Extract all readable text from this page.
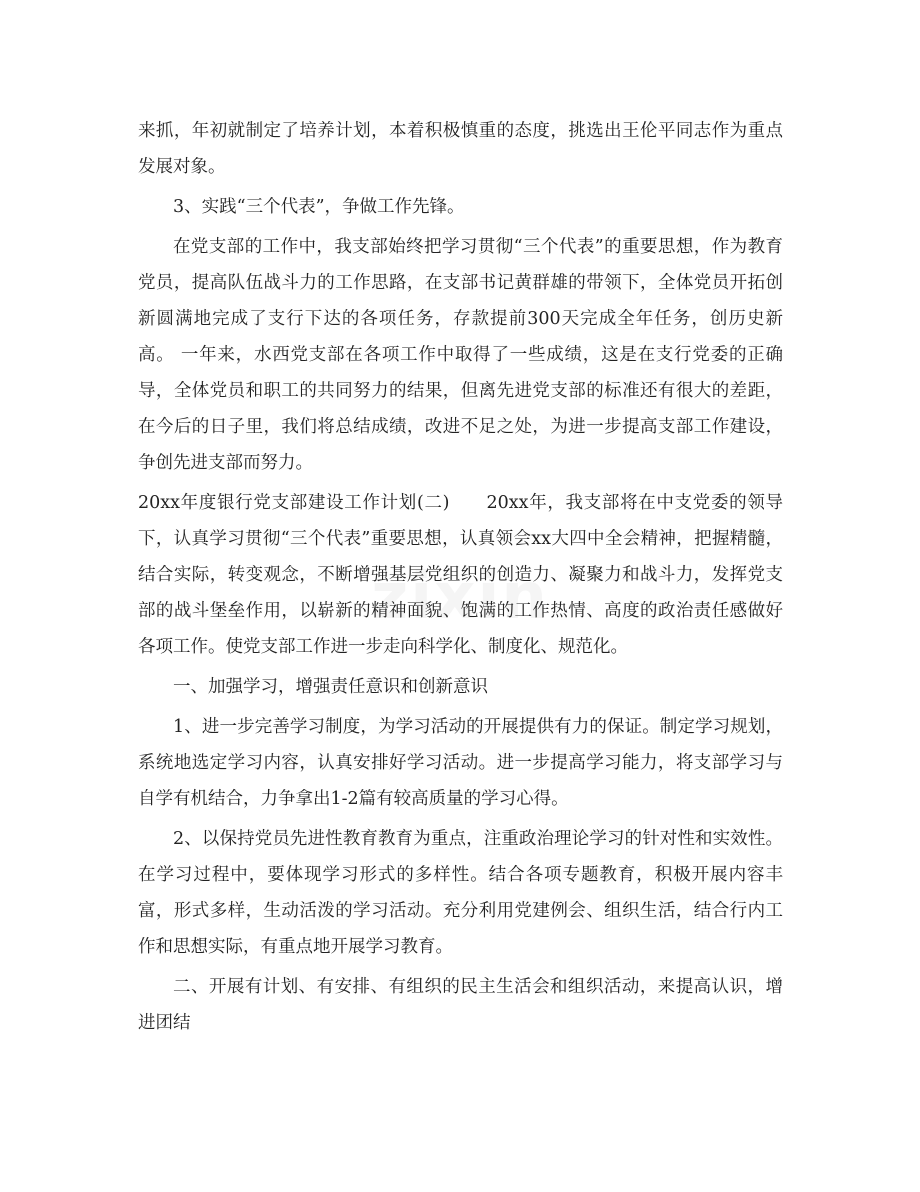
zixin

来抓，年初就制定了培养计划，本着积极慎重的态度，挑选出王伦平同志作为重点发展对象。

3、实践“三个代表”，争做工作先锋。

在党支部的工作中，我支部始终把学习贯彻“三个代表”的重要思想，作为教育党员，提高队伍战斗力的工作思路，在支部书记黄群雄的带领下，全体党员开拓创新圆满地完成了支行下达的各项任务，存款提前300天完成全年任务，创历史新高。 一年来，水西党支部在各项工作中取得了一些成绩，这是在支行党委的正确导，全体党员和职工的共同努力的结果，但离先进党支部的标准还有很大的差距，在今后的日子里，我们将总结成绩，改进不足之处，为进一步提高支部工作建设，争创先进支部而努力。

20xx年度银行党支部建设工作计划(二)　　20xx年，我支部将在中支党委的领导下，认真学习贯彻“三个代表”重要思想，认真领会xx大四中全会精神，把握精髓，结合实际，转变观念，不断增强基层党组织的创造力、凝聚力和战斗力，发挥党支部的战斗堡垒作用，以崭新的精神面貌、饱满的工作热情、高度的政治责任感做好各项工作。使党支部工作进一步走向科学化、制度化、规范化。

一、加强学习，增强责任意识和创新意识

1、进一步完善学习制度，为学习活动的开展提供有力的保证。制定学习规划，系统地选定学习内容，认真安排好学习活动。进一步提高学习能力，将支部学习与自学有机结合，力争拿出1-2篇有较高质量的学习心得。

2、以保持党员先进性教育教育为重点，注重政治理论学习的针对性和实效性。在学习过程中，要体现学习形式的多样性。结合各项专题教育，积极开展内容丰富，形式多样，生动活泼的学习活动。充分利用党建例会、组织生活，结合行内工作和思想实际，有重点地开展学习教育。

二、开展有计划、有安排、有组织的民主生活会和组织活动，来提高认识，增进团结
